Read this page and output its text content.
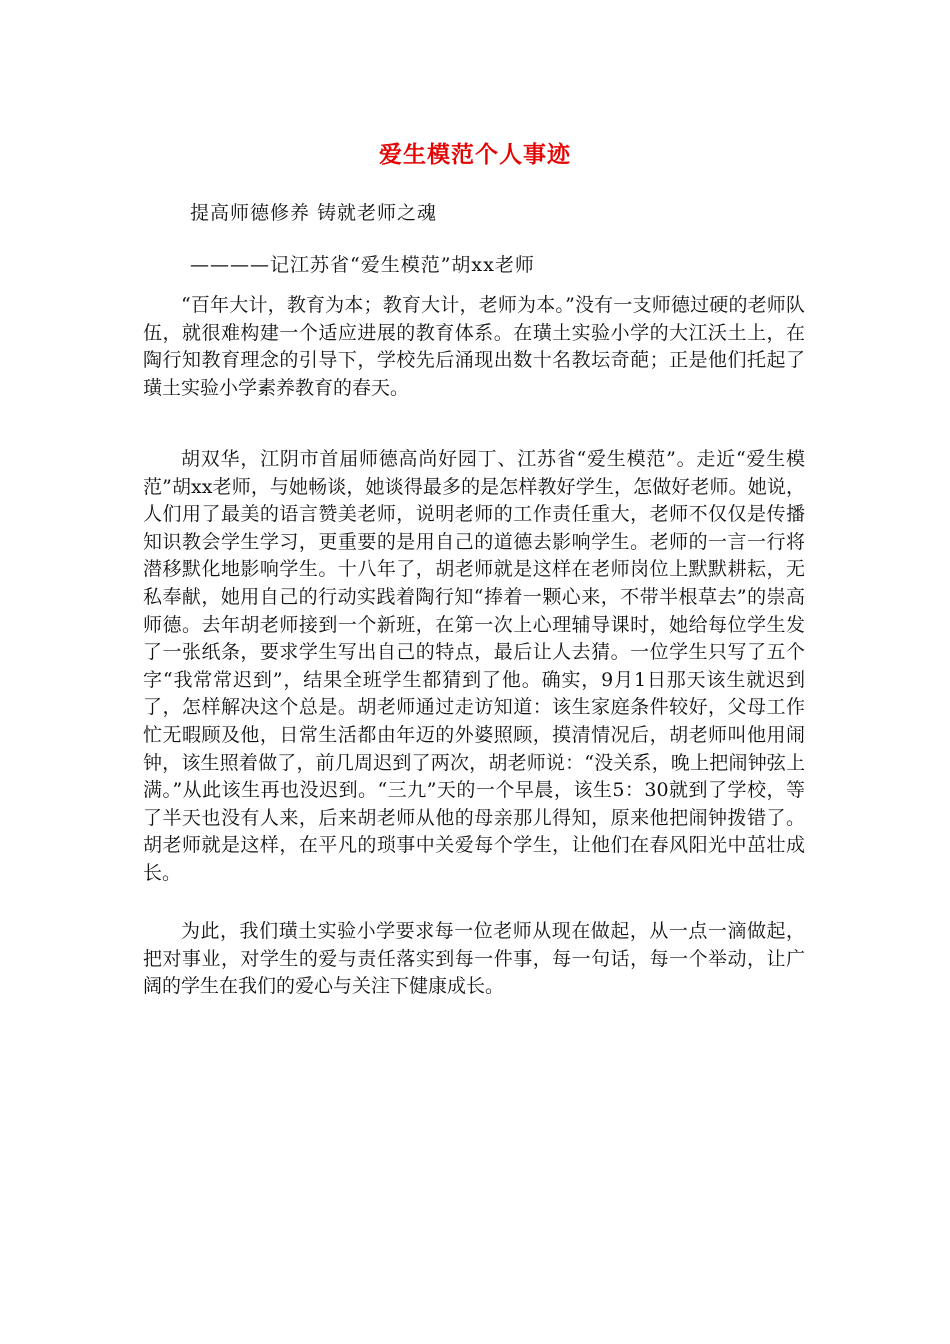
爱生模范个人事迹
提高师德修养 铸就老师之魂
————记江苏省“爱生模范”胡xx老师

“百年大计，教育为本；教育大计，老师为本。”没有一支师德过硬的老师队伍，就很难构建一个适应进展的教育体系。在璜土实验小学的大江沃土上，在陶行知教育理念的引导下，学校先后涌现出数十名教坛奇葩；正是他们托起了璜土实验小学素养教育的春天。

胡双华，江阴市首届师德高尚好园丁、江苏省“爱生模范”。走近“爱生模范”胡xx老师，与她畅谈，她谈得最多的是怎样教好学生，怎做好老师。她说，人们用了最美的语言赞美老师，说明老师的工作责任重大，老师不仅仅是传播知识教会学生学习，更重要的是用自己的道德去影响学生。老师的一言一行将潜移默化地影响学生。十八年了，胡老师就是这样在老师岗位上默默耕耘，无私奉献，她用自己的行动实践着陶行知“捧着一颗心来，不带半根草去”的崇高师德。去年胡老师接到一个新班，在第一次上心理辅导课时，她给每位学生发了一张纸条，要求学生写出自己的特点，最后让人去猜。一位学生只写了五个字“我常常迟到”，结果全班学生都猜到了他。确实，9月1日那天该生就迟到了，怎样解决这个总是。胡老师通过走访知道：该生家庭条件较好，父母工作忙无暇顾及他，日常生活都由年迈的外婆照顾，摸清情况后，胡老师叫他用闹钟，该生照着做了，前几周迟到了两次，胡老师说：“没关系，晚上把闹钟弦上满。”从此该生再也没迟到。“三九”天的一个早晨，该生5：30就到了学校，等了半天也没有人来，后来胡老师从他的母亲那儿得知，原来他把闹钟拨错了。胡老师就是这样，在平凡的琐事中关爱每个学生，让他们在春风阳光中茁壮成长。

为此，我们璜土实验小学要求每一位老师从现在做起，从一点一滴做起，把对事业，对学生的爱与责任落实到每一件事，每一句话，每一个举动，让广阔的学生在我们的爱心与关注下健康成长。
